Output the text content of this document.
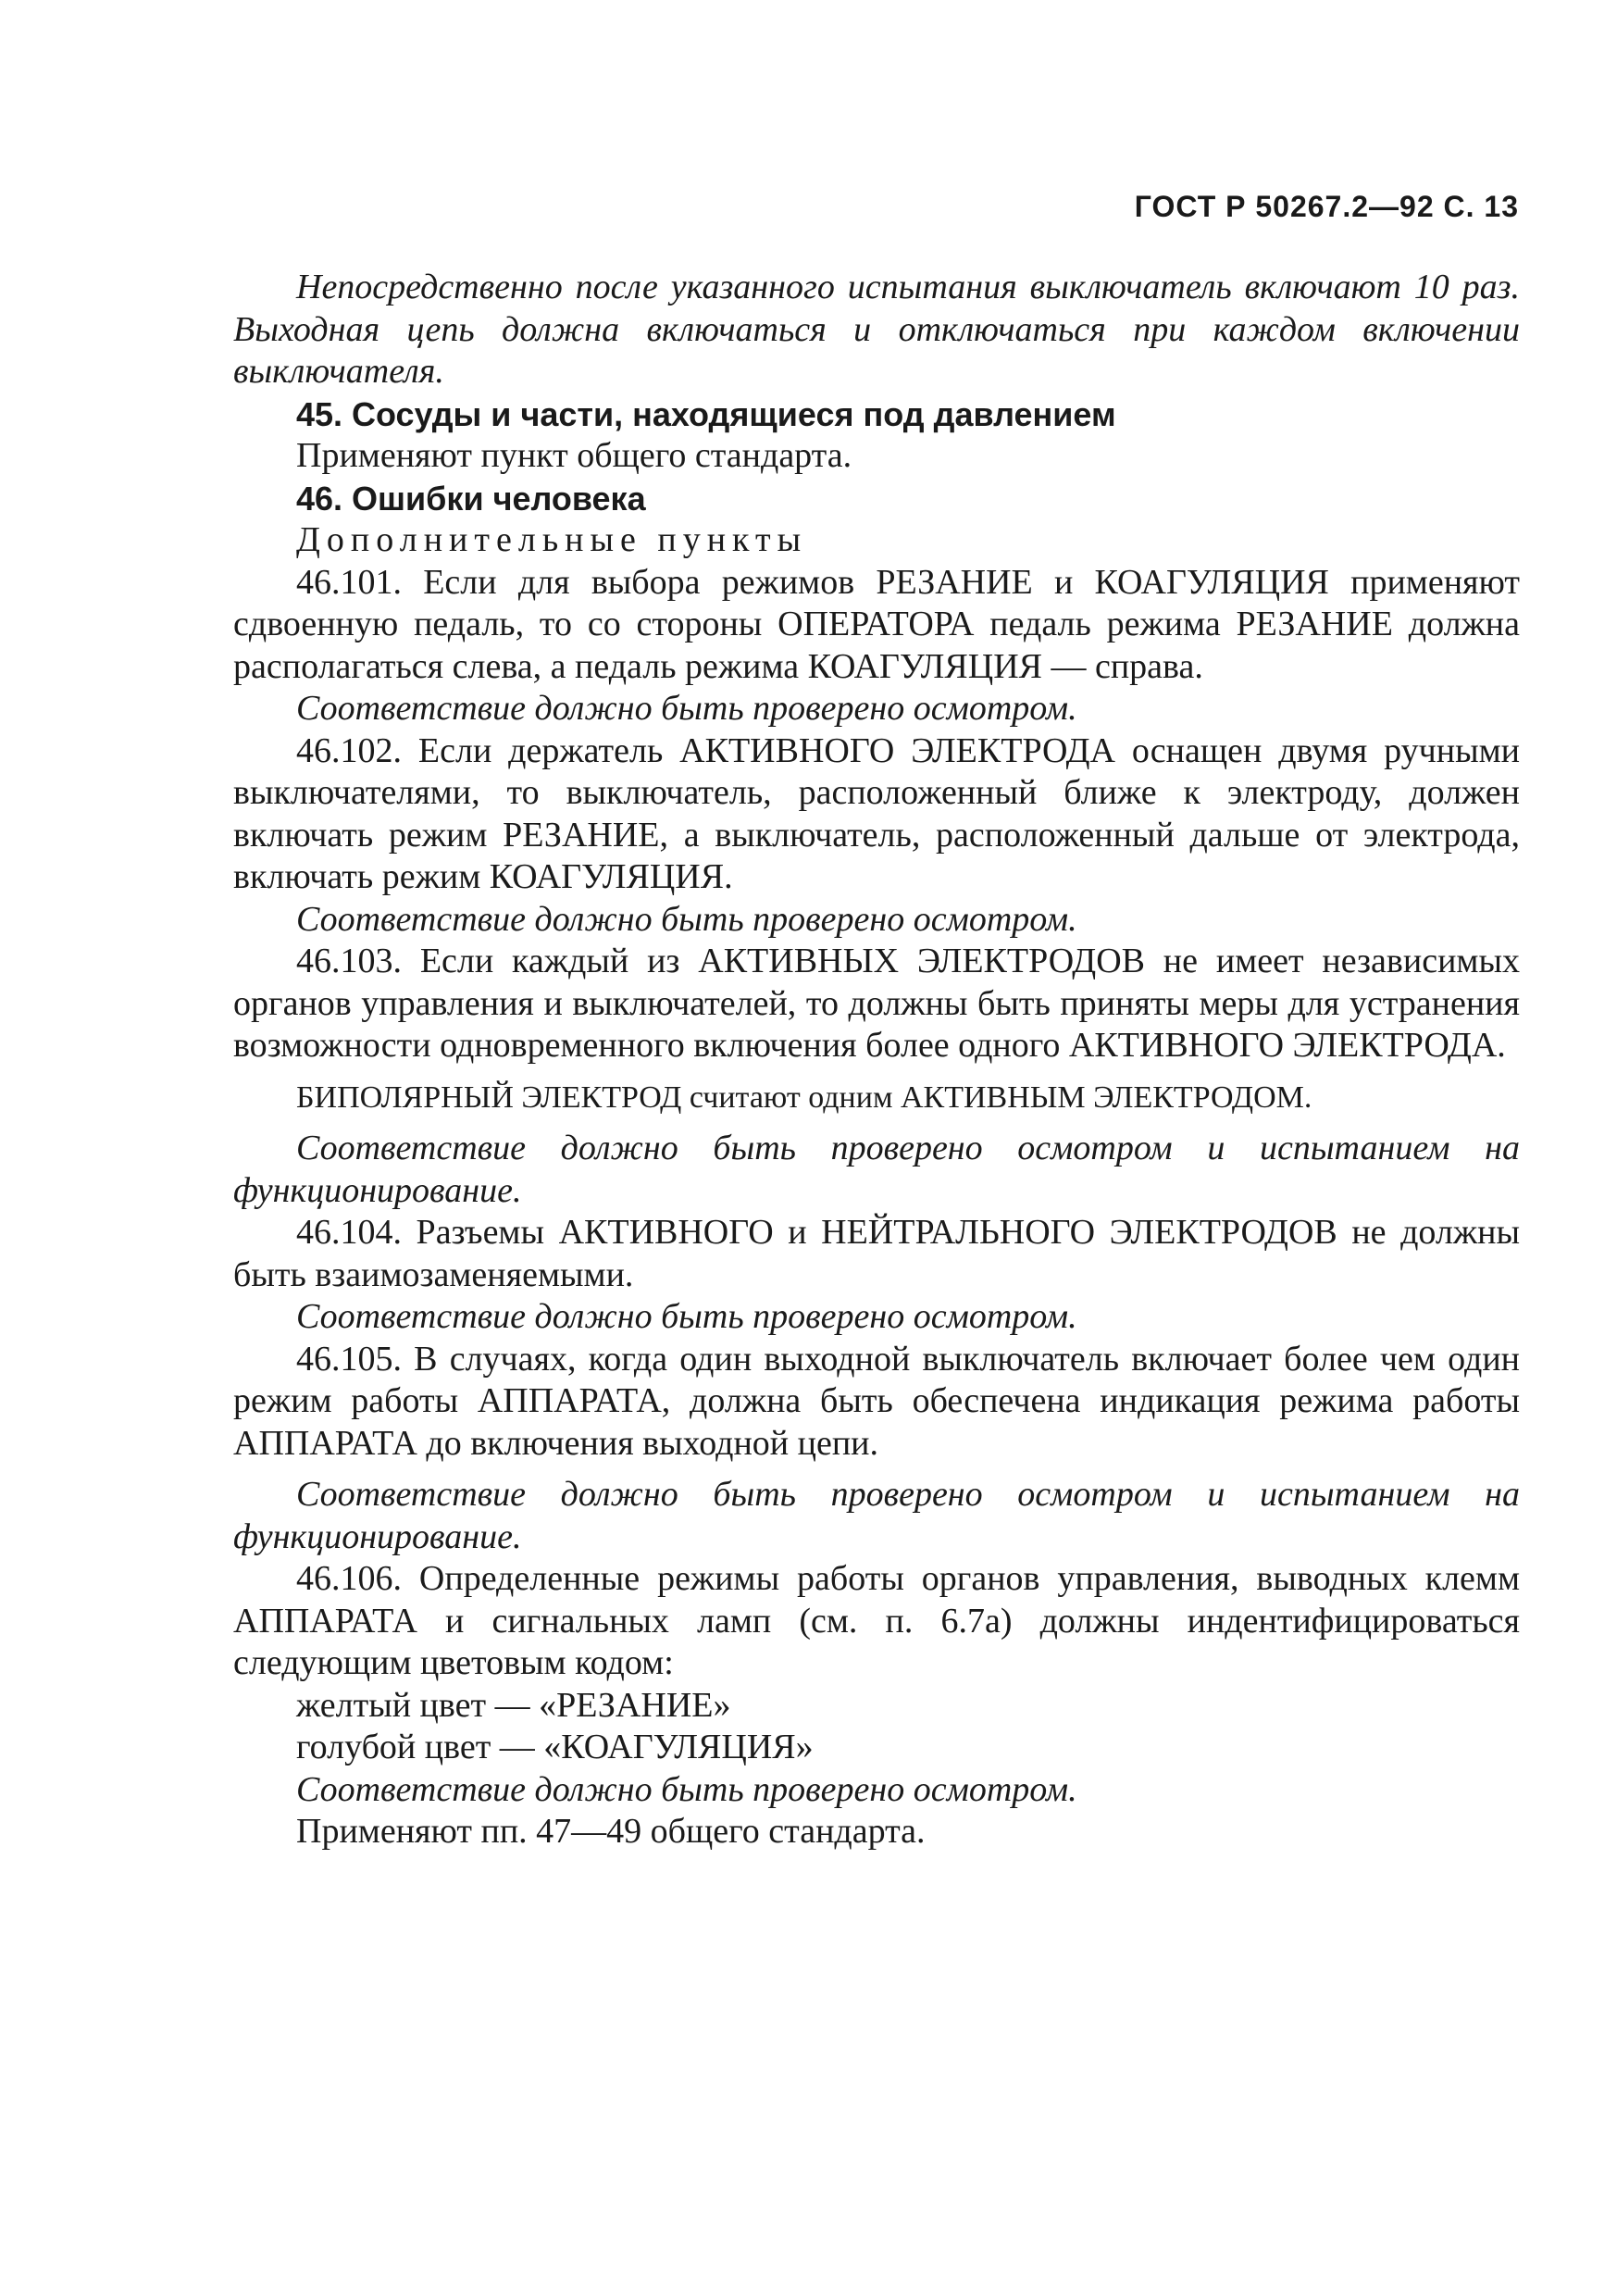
ГОСТ Р 50267.2—92 С. 13

Непосредственно после указанного испытания выключатель включают 10 раз. Выходная цепь должна включаться и отключаться при каждом включении выключателя.

45. Сосуды и части, находящиеся под давлением

Применяют пункт общего стандарта.

46. Ошибки человека

Дополнительные пункты

46.101. Если для выбора режимов РЕЗАНИЕ и КОАГУЛЯЦИЯ применяют сдвоенную педаль, то со стороны ОПЕРАТОРА педаль режима РЕЗАНИЕ должна располагаться слева, а педаль режима КОАГУЛЯЦИЯ — справа.

Соответствие должно быть проверено осмотром.

46.102. Если держатель АКТИВНОГО ЭЛЕКТРОДА оснащен двумя ручными выключателями, то выключатель, расположенный ближе к электроду, должен включать режим РЕЗАНИЕ, а выключатель, расположенный дальше от электрода, включать режим КОАГУЛЯЦИЯ.

Соответствие должно быть проверено осмотром.

46.103. Если каждый из АКТИВНЫХ ЭЛЕКТРОДОВ не имеет независимых органов управления и выключателей, то должны быть приняты меры для устранения возможности одновременного включения более одного АКТИВНОГО ЭЛЕКТРОДА.

БИПОЛЯРНЫЙ ЭЛЕКТРОД считают одним АКТИВНЫМ ЭЛЕКТРОДОМ.

Соответствие должно быть проверено осмотром и испытанием на функционирование.

46.104. Разъемы АКТИВНОГО и НЕЙТРАЛЬНОГО ЭЛЕКТРОДОВ не должны быть взаимозаменяемыми.

Соответствие должно быть проверено осмотром.

46.105. В случаях, когда один выходной выключатель включает более чем один режим работы АППАРАТА, должна быть обеспечена индикация режима работы АППАРАТА до включения выходной цепи.

Соответствие должно быть проверено осмотром и испытанием на функционирование.

46.106. Определенные режимы работы органов управления, выводных клемм АППАРАТА и сигнальных ламп (см. п. 6.7а) должны индентифицироваться следующим цветовым кодом:

желтый цвет — «РЕЗАНИЕ»

голубой цвет — «КОАГУЛЯЦИЯ»

Соответствие должно быть проверено осмотром.

Применяют пп. 47—49 общего стандарта.
